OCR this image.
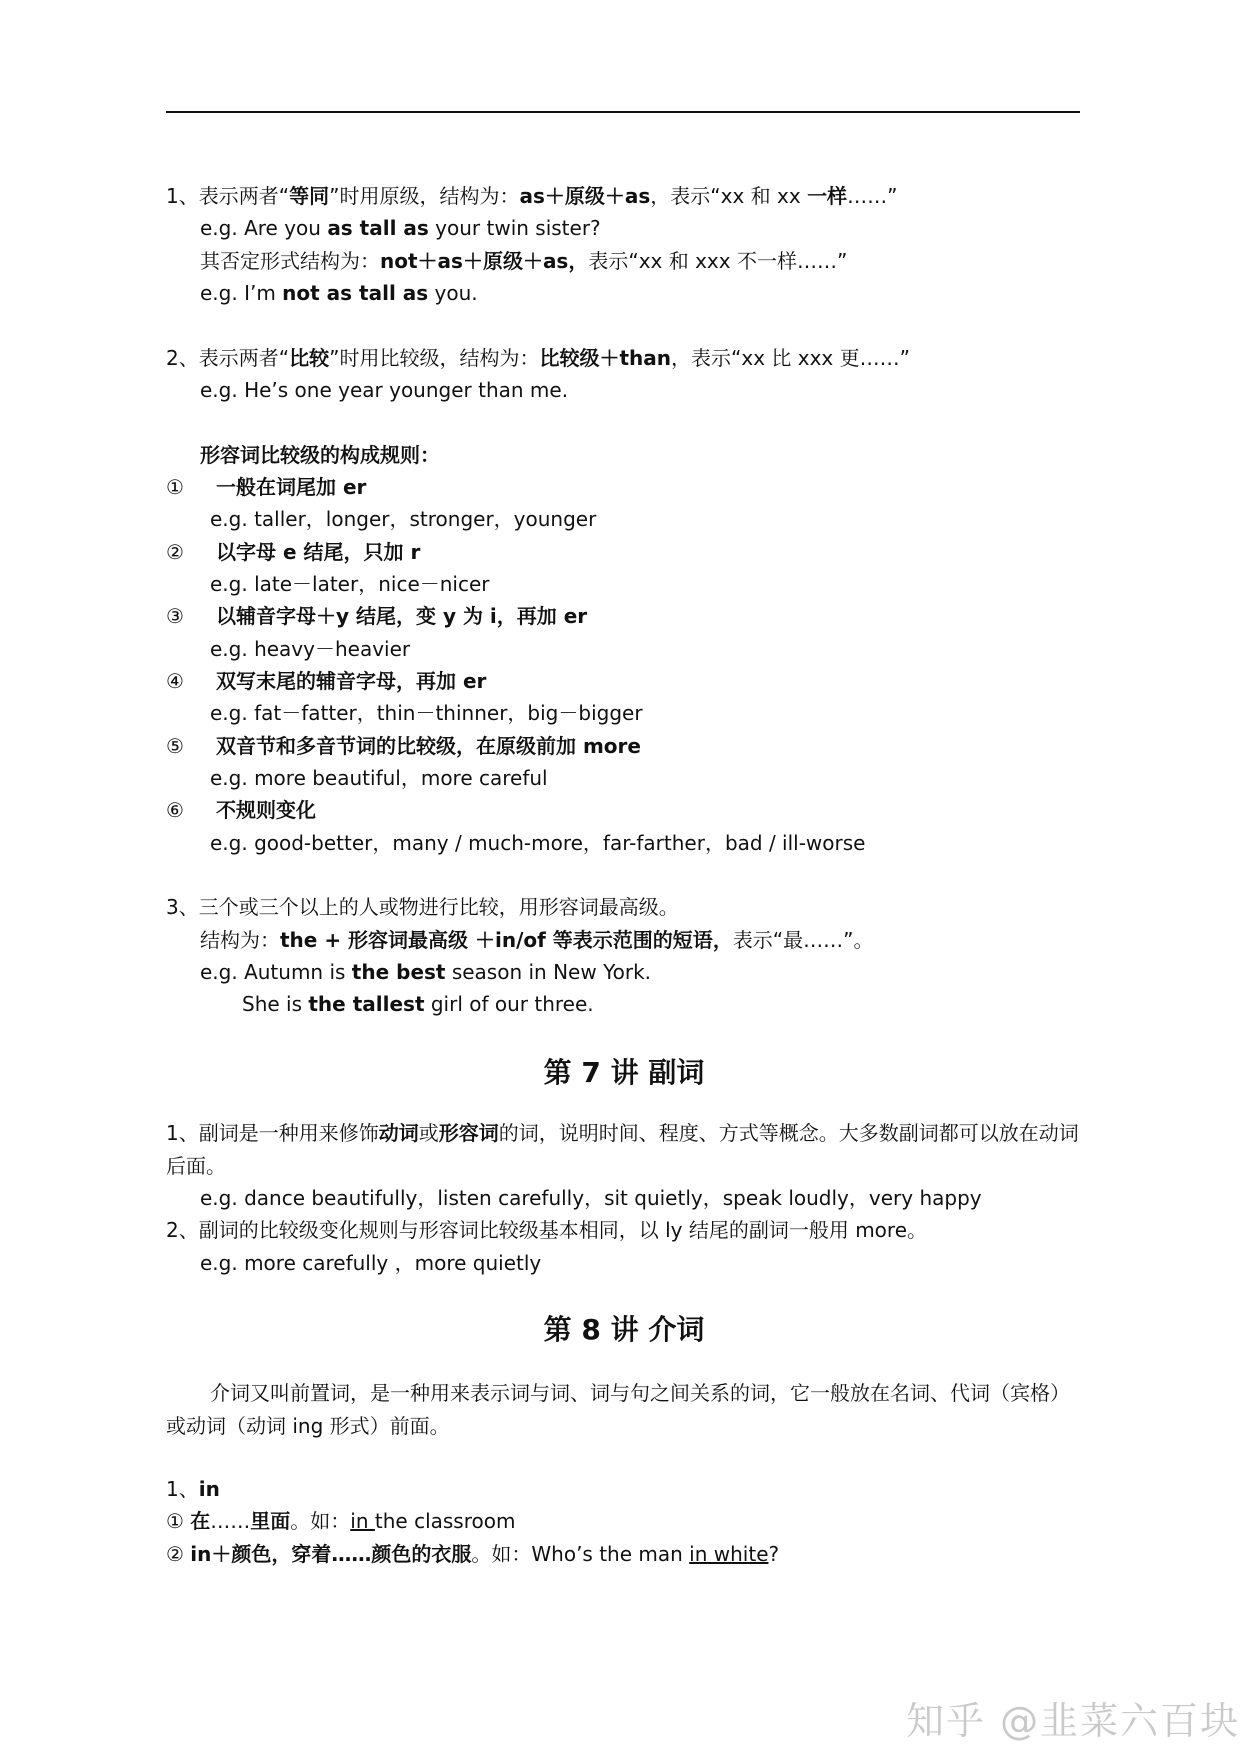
1、表示两者“等同”时用原级，结构为：as＋原级＋as，表示“xx 和 xx 一样……”
e.g. Are you as tall as your twin sister?
其否定形式结构为：not＋as＋原级＋as，表示“xx 和 xxx 不一样……”
e.g. I’m not as tall as you.
2、表示两者“比较”时用比较级，结构为：比较级＋than，表示“xx 比 xxx 更……”
e.g. He’s one year younger than me.
形容词比较级的构成规则：
①	一般在词尾加 er
e.g. taller，longer，stronger，younger
②	以字母 e 结尾，只加 r
e.g. late－later，nice－nicer
③	以辅音字母＋y 结尾，变 y 为 i，再加 er
e.g. heavy－heavier
④	双写末尾的辅音字母，再加 er
e.g. fat－fatter，thin－thinner，big－bigger
⑤	双音节和多音节词的比较级，在原级前加 more
e.g. more beautiful，more careful
⑥	不规则变化
e.g. good-better，many / much-more，far-farther，bad / ill-worse
3、三个或三个以上的人或物进行比较，用形容词最高级。
结构为：the + 形容词最高级 ＋in/of 等表示范围的短语，表示“最……”。
e.g. Autumn is the best season in New York.
She is the tallest girl of our three.
第 7 讲 副词
1、副词是一种用来修饰动词或形容词的词，说明时间、程度、方式等概念。大多数副词都可以放在动词后面。
e.g. dance beautifully，listen carefully，sit quietly，speak loudly，very happy
2、副词的比较级变化规则与形容词比较级基本相同，以 ly 结尾的副词一般用 more。
e.g. more carefully ，more quietly
第 8 讲 介词
介词又叫前置词，是一种用来表示词与词、词与句之间关系的词，它一般放在名词、代词（宾格）或动词（动词 ing 形式）前面。
1、in
① 在……里面。如：in the classroom
② in＋颜色，穿着……颜色的衣服。如：Who’s the man in white?
知乎 @韭菜六百块
